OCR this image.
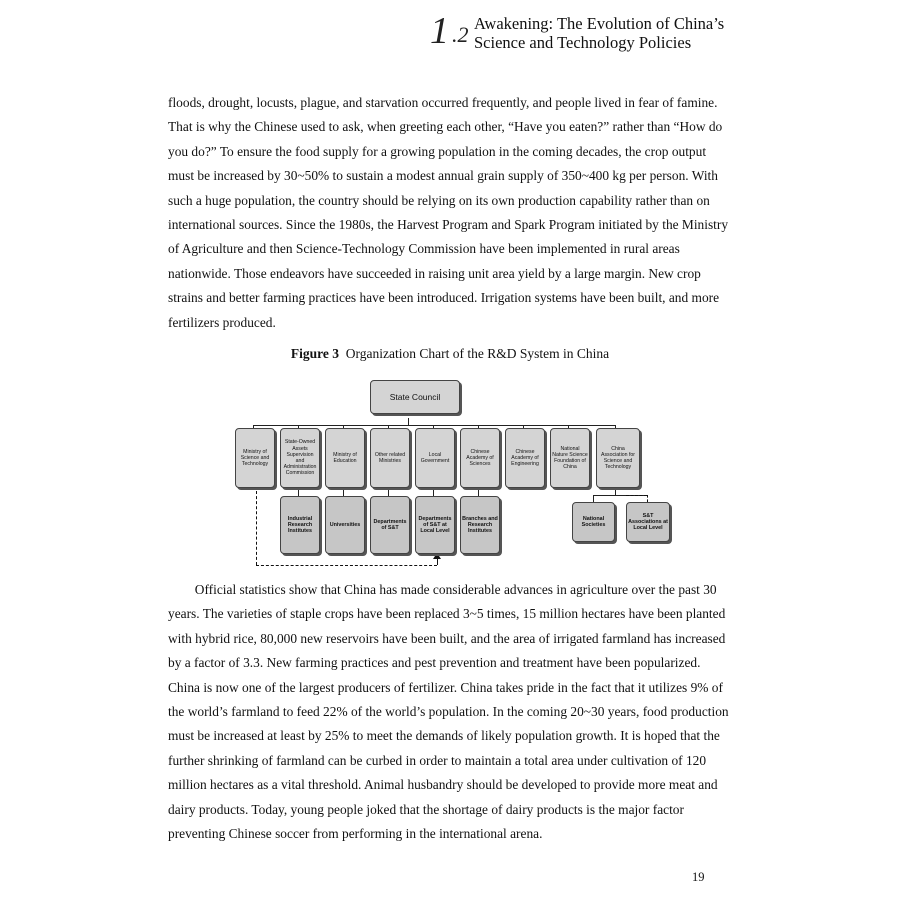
1 .2 Awakening: The Evolution of China’s
Science and Technology Policies

floods, drought, locusts, plague, and starvation occurred frequently, and people lived in fear of famine. That is why the Chinese used to ask, when greeting each other, “Have you eaten?” rather than “How do you do?” To ensure the food supply for a growing population in the coming decades, the crop output must be increased by 30~50% to sustain a modest annual grain supply of 350~400 kg per person. With such a huge population, the country should be relying on its own production capability rather than on international sources. Since the 1980s, the Harvest Program and Spark Program initiated by the Ministry of Agriculture and then Science-Technology Commission have been implemented in rural areas nationwide. Those endeavors have succeeded in raising unit area yield by a large margin. New crop strains and better farming practices have been introduced. Irrigation systems have been built, and more fertilizers produced.

Figure 3 Organization Chart of the R&D System in China
State Council
Ministry of Science and Technology
State-Owned Assets Supervision and Administration Commission
Ministry of Education
Other related Ministries
Local Government
Chinese Academy of Sciences
Chinese Academy of Engineering
National Nature Science Foundation of China
China Association for Science and Technology
Industrial Research Institutes
Universities
Departments of S&T
Departments of S&T at Local Level
Branches and Research Institutes
National Societies
S&T Associations at Local Level

Official statistics show that China has made considerable advances in agriculture over the past 30 years. The varieties of staple crops have been replaced 3~5 times, 15 million hectares have been planted with hybrid rice, 80,000 new reservoirs have been built, and the area of irrigated farmland has increased by a factor of 3.3. New farming practices and pest prevention and treatment have been popularized. China is now one of the largest producers of fertilizer. China takes pride in the fact that it utilizes 9% of the world’s farmland to feed 22% of the world’s population. In the coming 20~30 years, food production must be increased at least by 25% to meet the demands of likely population growth. It is hoped that the further shrinking of farmland can be curbed in order to maintain a total area under cultivation of 120 million hectares as a vital threshold. Animal husbandry should be developed to provide more meat and dairy products. Today, young people joked that the shortage of dairy products is the major factor preventing Chinese soccer from performing in the international arena.

19
